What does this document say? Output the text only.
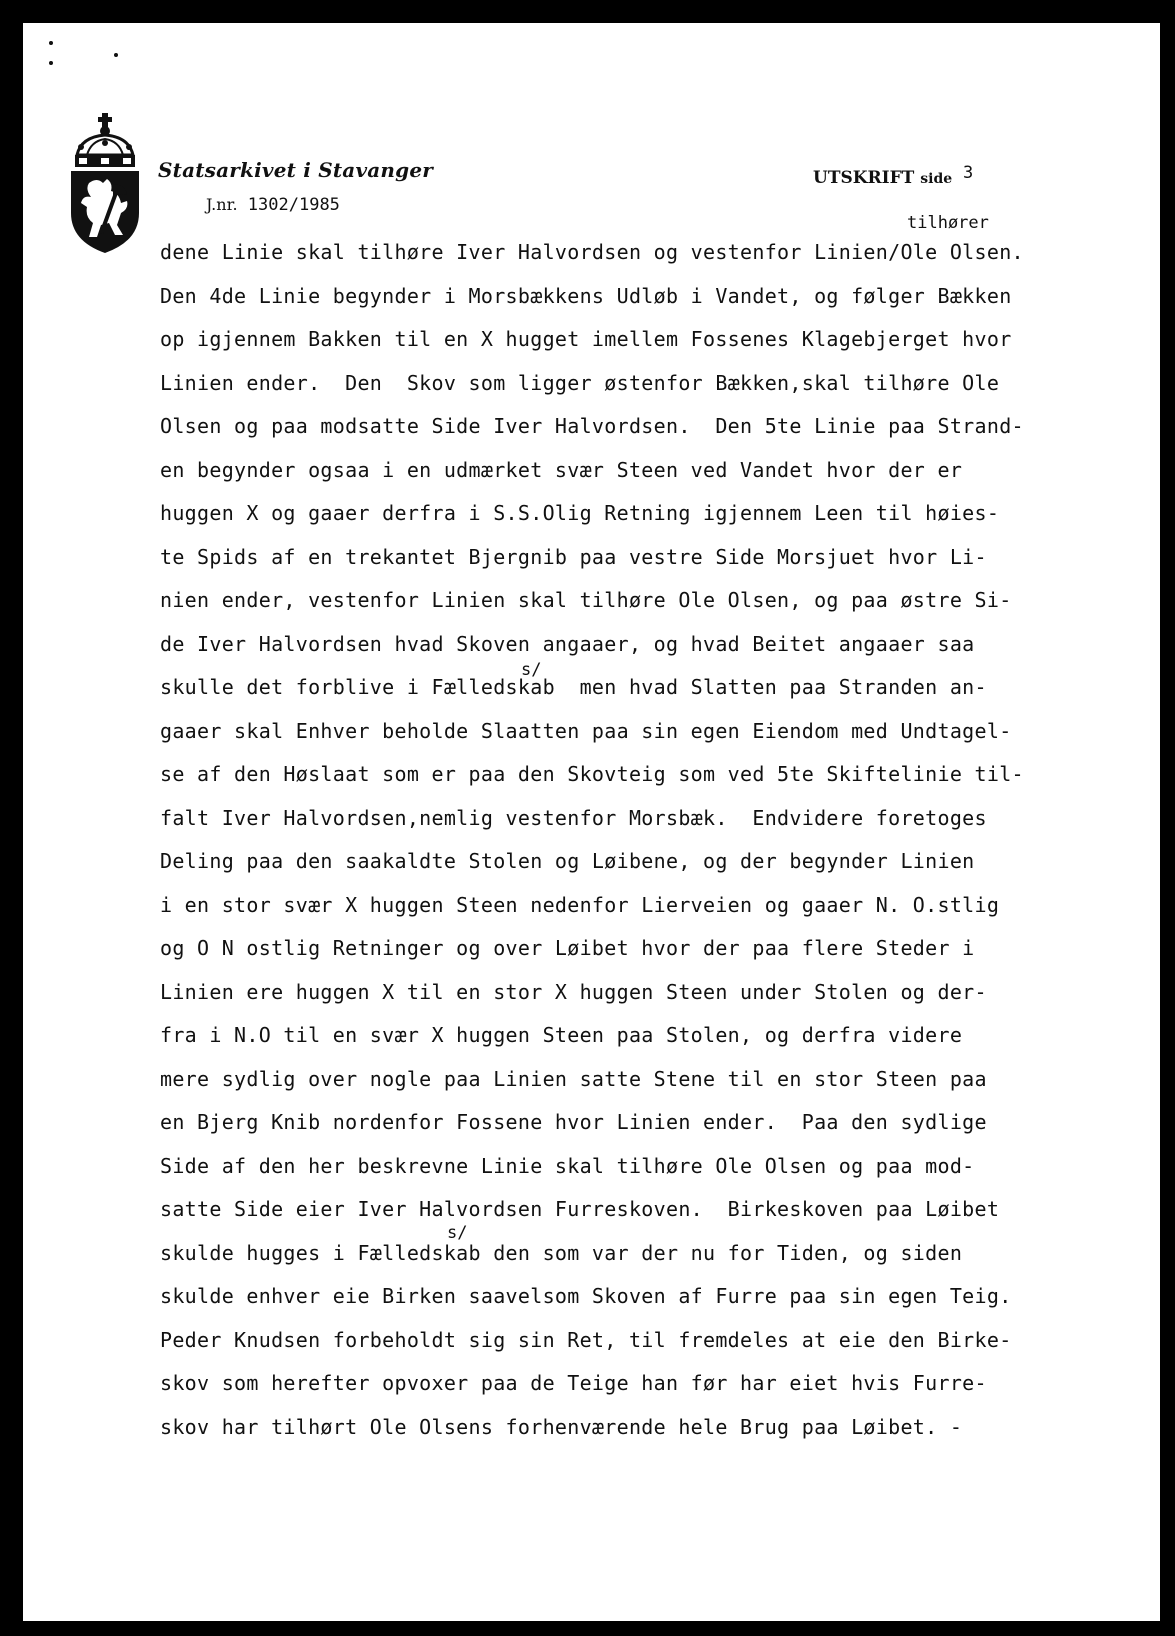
Statsarkivet i Stavanger
J.nr. 1302/1985
UTSKRIFT side 3
tilhører
s/
s/
dene Linie skal tilhøre Iver Halvordsen og vestenfor Linien/Ole Olsen.
Den 4de Linie begynder i Morsbækkens Udløb i Vandet, og følger Bækken
op igjennem Bakken til en X hugget imellem Fossenes Klagebjerget hvor
Linien ender.  Den  Skov som ligger østenfor Bækken,skal tilhøre Ole
Olsen og paa modsatte Side Iver Halvordsen.  Den 5te Linie paa Strand-
en begynder ogsaa i en udmærket svær Steen ved Vandet hvor der er
huggen X og gaaer derfra i S.S.Olig Retning igjennem Leen til høies-
te Spids af en trekantet Bjergnib paa vestre Side Morsjuet hvor Li-
nien ender, vestenfor Linien skal tilhøre Ole Olsen, og paa østre Si-
de Iver Halvordsen hvad Skoven angaaer, og hvad Beitet angaaer saa
skulle det forblive i Fælledskab  men hvad Slatten paa Stranden an-
gaaer skal Enhver beholde Slaatten paa sin egen Eiendom med Undtagel-
se af den Høslaat som er paa den Skovteig som ved 5te Skiftelinie til-
falt Iver Halvordsen,nemlig vestenfor Morsbæk.  Endvidere foretoges
Deling paa den saakaldte Stolen og Løibene, og der begynder Linien
i en stor svær X huggen Steen nedenfor Lierveien og gaaer N. O.stlig
og O N ostlig Retninger og over Løibet hvor der paa flere Steder i
Linien ere huggen X til en stor X huggen Steen under Stolen og der-
fra i N.O til en svær X huggen Steen paa Stolen, og derfra videre
mere sydlig over nogle paa Linien satte Stene til en stor Steen paa
en Bjerg Knib nordenfor Fossene hvor Linien ender.  Paa den sydlige
Side af den her beskrevne Linie skal tilhøre Ole Olsen og paa mod-
satte Side eier Iver Halvordsen Furreskoven.  Birkeskoven paa Løibet
skulde hugges i Fælledskab den som var der nu for Tiden, og siden
skulde enhver eie Birken saavelsom Skoven af Furre paa sin egen Teig.
Peder Knudsen forbeholdt sig sin Ret, til fremdeles at eie den Birke-
skov som herefter opvoxer paa de Teige han før har eiet hvis Furre-
skov har tilhørt Ole Olsens forhenværende hele Brug paa Løibet. -
